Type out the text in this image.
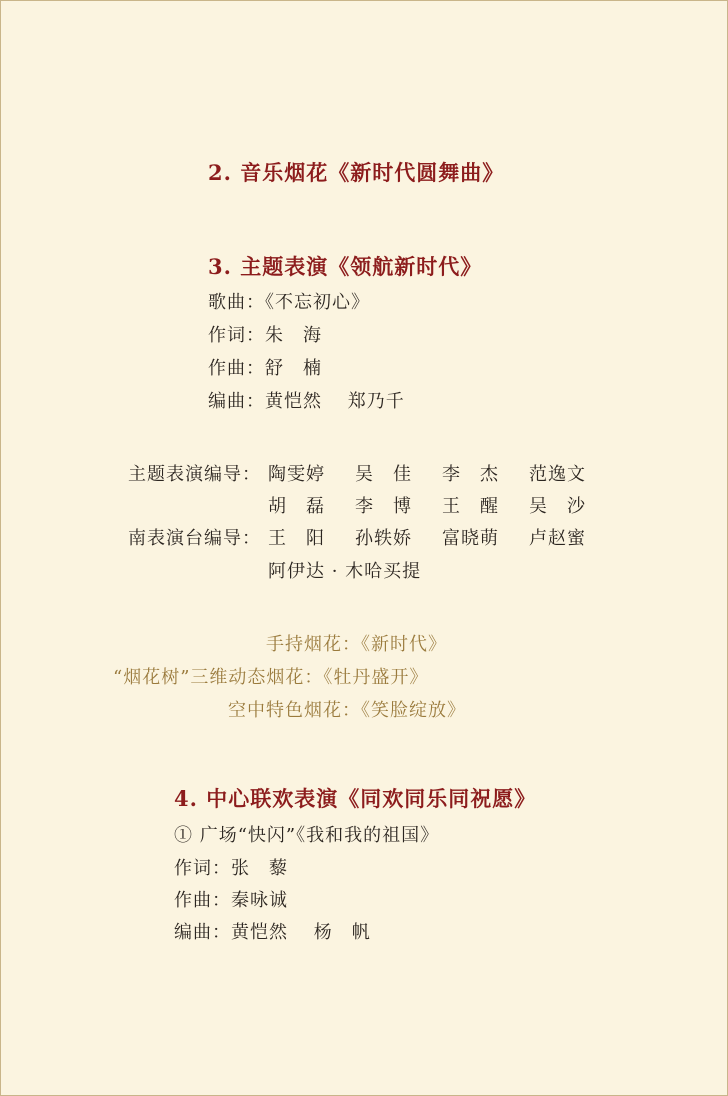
2. 音乐烟花《新时代圆舞曲》
3. 主题表演《领航新时代》
歌曲：《不忘初心》
作词：朱　海
作曲：舒　楠
编曲：黄恺然　 郑乃千
主题表演编导： 陶雯婷 吴　佳 李　杰 范逸文
胡　磊 李　博 王　醒 吴　沙
南表演台编导： 王　阳 孙轶娇 富晓萌 卢赵蜜
阿伊达 · 木哈买提
手持烟花：《新时代》
“烟花树”三维动态烟花：《牡丹盛开》
空中特色烟花：《笑脸绽放》
4. 中心联欢表演《同欢同乐同祝愿》
① 广场“快闪”《我和我的祖国》
作词：张　藜
作曲：秦咏诚
编曲：黄恺然　 杨　帆
